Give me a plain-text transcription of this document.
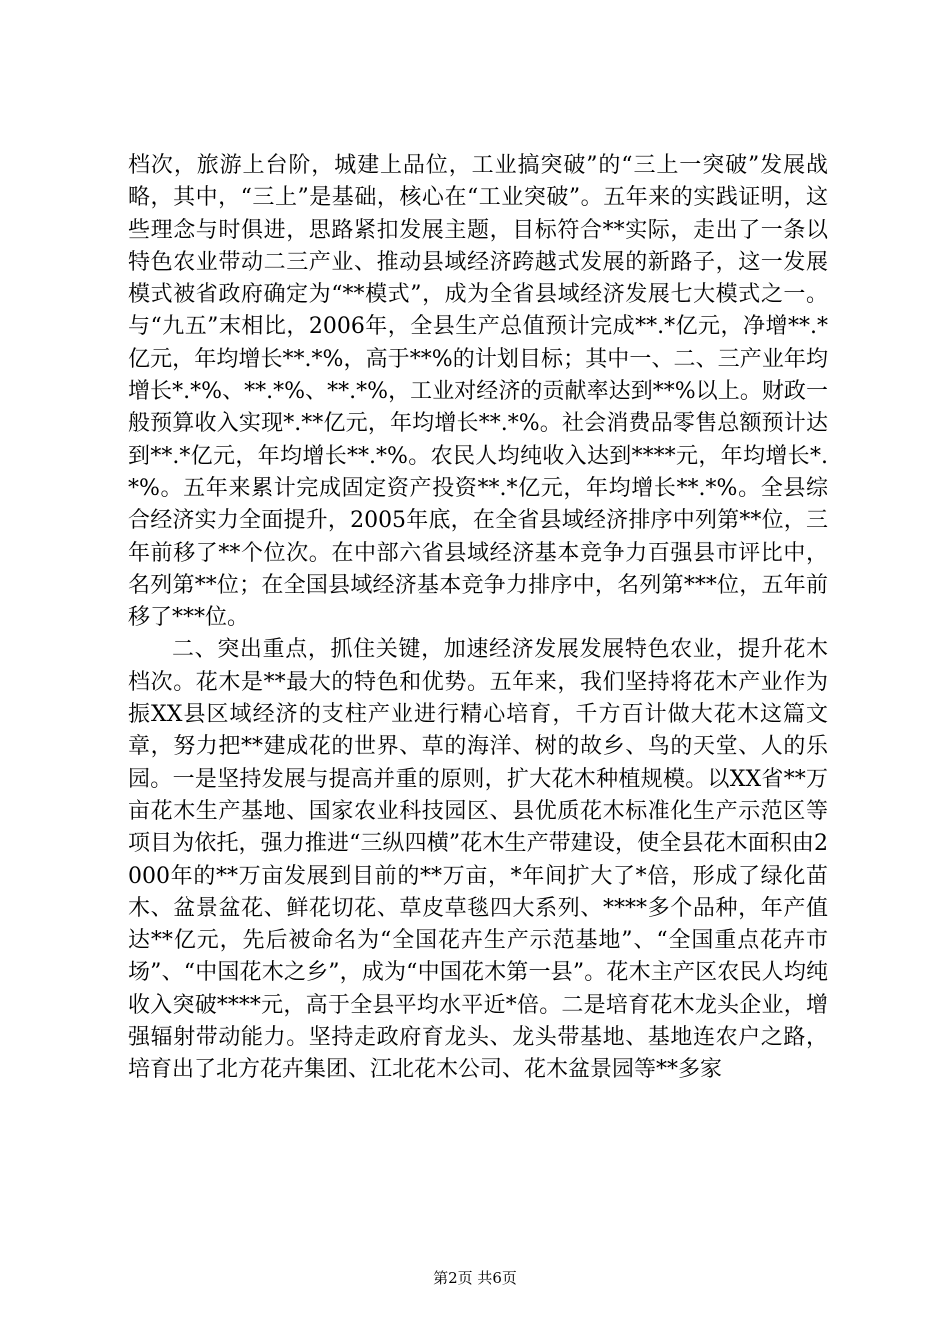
档次，旅游上台阶，城建上品位，工业搞突破”的“三上一突破”发展战略，其中，“三上”是基础，核心在“工业突破”。五年来的实践证明，这些理念与时俱进，思路紧扣发展主题，目标符合**实际，走出了一条以特色农业带动二三产业、推动县域经济跨越式发展的新路子，这一发展模式被省政府确定为“**模式”，成为全省县域经济发展七大模式之一。与“九五”末相比，2006年，全县生产总值预计完成**.*亿元，净增**.*亿元，年均增长**.*%，高于**%的计划目标；其中一、二、三产业年均增长*.*%、**.*%、**.*%，工业对经济的贡献率达到**%以上。财政一般预算收入实现*.**亿元，年均增长**.*%。社会消费品零售总额预计达到**.*亿元，年均增长**.*%。农民人均纯收入达到****元，年均增长*.*%。五年来累计完成固定资产投资**.*亿元，年均增长**.*%。全县综合经济实力全面提升，2005年底，在全省县域经济排序中列第**位，三年前移了**个位次。在中部六省县域经济基本竞争力百强县市评比中，名列第**位；在全国县域经济基本竞争力排序中，名列第***位，五年前移了***位。

二、突出重点，抓住关键，加速经济发展发展特色农业，提升花木档次。花木是**最大的特色和优势。五年来，我们坚持将花木产业作为振XX县区域经济的支柱产业进行精心培育，千方百计做大花木这篇文章，努力把**建成花的世界、草的海洋、树的故乡、鸟的天堂、人的乐园。一是坚持发展与提高并重的原则，扩大花木种植规模。以XX省**万亩花木生产基地、国家农业科技园区、县优质花木标准化生产示范区等项目为依托，强力推进“三纵四横”花木生产带建设，使全县花木面积由2000年的**万亩发展到目前的**万亩，*年间扩大了*倍，形成了绿化苗木、盆景盆花、鲜花切花、草皮草毯四大系列、****多个品种，年产值达**亿元，先后被命名为“全国花卉生产示范基地”、“全国重点花卉市场”、“中国花木之乡”，成为“中国花木第一县”。花木主产区农民人均纯收入突破****元，高于全县平均水平近*倍。二是培育花木龙头企业，增强辐射带动能力。坚持走政府育龙头、龙头带基地、基地连农户之路，培育出了北方花卉集团、江北花木公司、花木盆景园等**多家

第2页 共6页
